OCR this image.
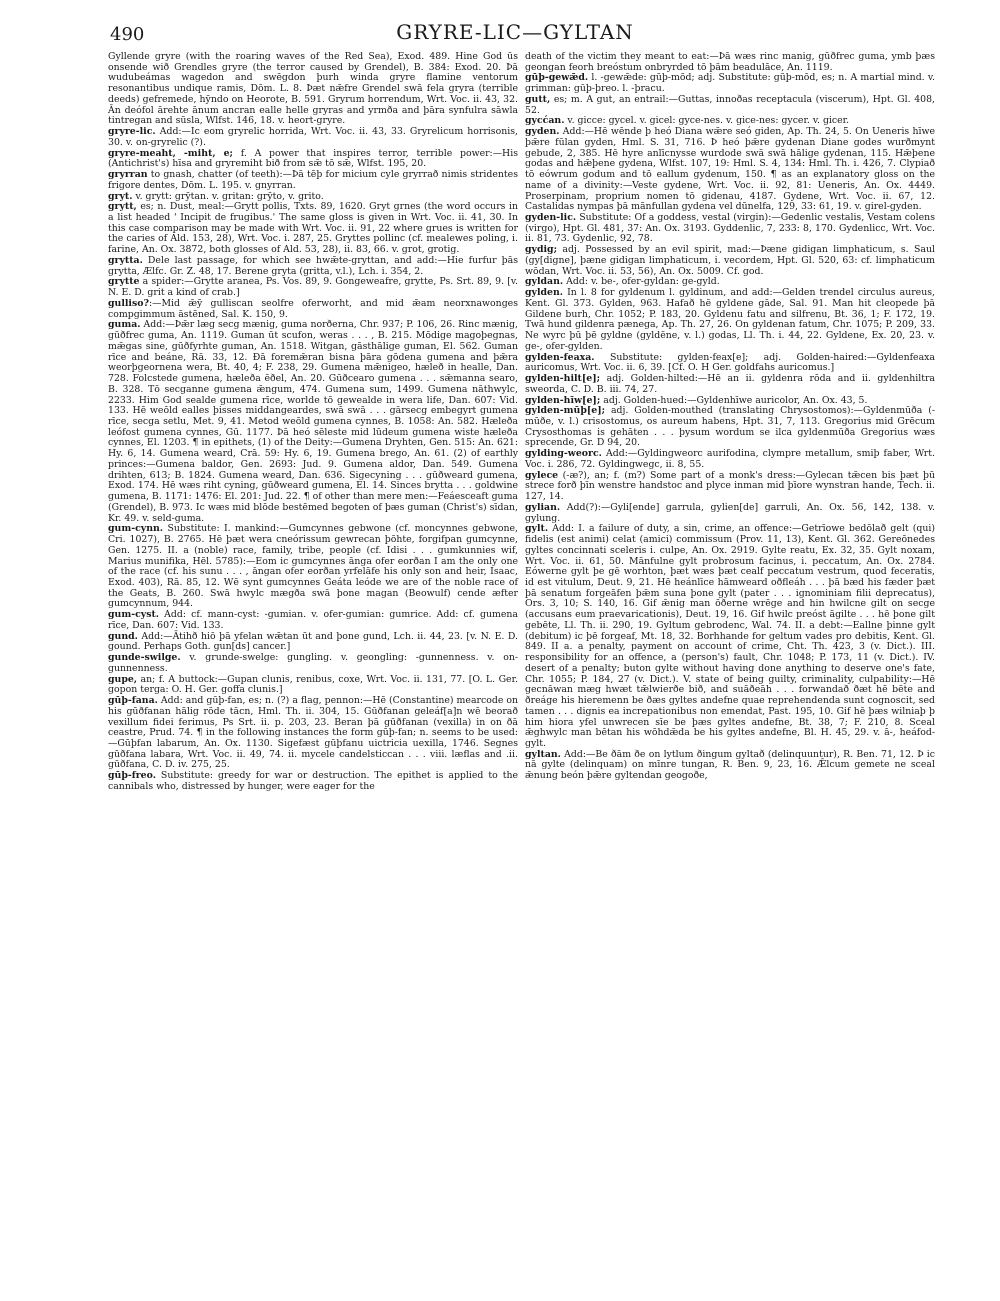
490	GRYRE-LIC—GYLTAN

Gyllende gryre (with the roaring waves of the Red Sea), Exod. 489. Hine God ūs onsende wið Grendles gryre (the terror caused by Grendel), B. 384: Exod. 20. Þā wudubeámas wagedon and swēgdon þurh winda gryre flamine ventorum resonantibus undique ramis, Dōm. L. 8. Þæt nǣfre Grendel swā fela gryra (terrible deeds) gefremede, hȳndo on Heorote, B. 591. Gryrum horrendum, Wrt. Voc. ii. 43, 32. Ān deófol ārehte ānum ancran ealle helle gryras and yrmða and þāra synfulra sāwla tintregan and sūsla, Wlfst. 146, 18. v. heort-gryre.

gryre-lic. Add:—Ic eom gryrelic horrida, Wrt. Voc. ii. 43, 33. Gryrelicum horrisonis, 30. v. on-gryrelic (?).

gryre-meaht, -miht, e; f. A power that inspires terror, terrible power:—His (Antichrist's) hīsa and gryremiht bið from sǣ tō sǣ, Wlfst. 195, 20.

gryrran to gnash, chatter (of teeth):—Þā tēþ for micium cyle gryrrað nimis stridentes frigore dentes, Dōm. L. 195. v. gnyrran.

gryt. v. grytt: grȳtan. v. gritan: grȳto, v. grito.

grytt, es; n. Dust, meal:—Grytt pollis, Txts. 89, 1620. Gryt grnes (the word occurs in a list headed ' Incipit de frugibus.' The same gloss is given in Wrt. Voc. ii. 41, 30. In this case comparison may be made with Wrt. Voc. ii. 91, 22 where grues is written for the caries of Ald. 153, 28), Wrt. Voc. i. 287, 25. Gryttes pollinc (cf. mealewes poling, i. farine, An. Ox. 3872, both glosses of Ald. 53, 28), ii. 83, 66. v. grot, grotig.

grytta. Dele last passage, for which see hwǣte-gryttan, and add:—Hie furfur þās grytta, Ælfc. Gr. Z. 48, 17. Berene gryta (gritta, v.l.), Lch. i. 354, 2.

grytte a spider:—Grytte aranea, Ps. Vos. 89, 9. Gongeweafre, grytte, Ps. Srt. 89, 9. [v. N. E. D. grit a kind of crab.]

gulliso?:—Mid ǣȳ gulliscan seolfre oferworht, and mid ǣam neorxnawonges compgimmum āstēned, Sal. K. 150, 9.

guma. Add:—Þǣr læg secg mænig, guma norðerna, Chr. 937; P. 106, 26. Rinc mænig, gūðfrec guma, An. 1119. Guman ūt scufon, weras . . . , B. 215. Mōdige magoþegnas, mǣgas sine, gūðfyrhte guman, An. 1518. Witgan, gāsthālige guman, El. 562. Guman rīce and beáne, Rā. 33, 12. Ðā foremǣran bisna þāra gōdena gumena and þǣra weorþgeornena wera, Bt. 40, 4; F. 238, 29. Gumena mǣnigeo, hæleð in healle, Dan. 728. Folcstede gumena, hæleða ēðel, An. 20. Gūðcearo gumena . . . sǣmanna searo, B. 328. Tō secganne gumena ǣngum, 474. Gumena sum, 1499. Gumena nāthwylc, 2233. Him God sealde gumena rīce, worlde tō gewealde in wera life, Dan. 607: Vid. 133. Hē weōld ealles þisses middangeardes, swā swā . . . gārsecg embegyrt gumena rīce, secga setlu, Met. 9, 41. Metod weōld gumena cynnes, B. 1058: An. 582. Hæleða leófost gumena cynnes, Gū. 1177. Þā heó sēleste mid lūdeum gumena wiste hæleða cynnes, El. 1203. ¶ in epithets, (1) of the Deity:—Gumena Dryhten, Gen. 515: An. 621: Hy. 6, 14. Gumena weard, Crā. 59: Hy. 6, 19. Gumena brego, An. 61. (2) of earthly princes:—Gumena baldor, Gen. 2693: Jud. 9. Gumena aldor, Dan. 549. Gumena drihten, 613; B. 1824. Gumena weard, Dan. 636. Sigecyning . . . gūðweard gumena, Exod. 174. Hē wæs riht cyning, gūðweard gumena, El. 14. Sinces brytta . . . goldwine gumena, B. 1171: 1476: El. 201: Jud. 22. ¶ of other than mere men:—Feáesceaft guma (Grendel), B. 973. Ic wæs mid blōde bestēmed begoten of þæs guman (Christ's) sīdan, Kr. 49. v. seld-guma.

gum-cynn. Substitute: I. mankind:—Gumcynnes gebwone (cf. moncynnes gebwone, Cri. 1027), B. 2765. Hē þæt wera cneórissum gewrecan þōhte, forgifpan gumcynne, Gen. 1275. II. a (noble) race, family, tribe, people (cf. Idisi . . . gumkunnies wif, Marius munifika, Hēl. 5785):—Eom ic gumcynnes ānga ofer eorðan I am the only one of the race (cf. his sunu . . . , āngan ofer eorðan yrfelāfe his only son and heir, Isaac, Exod. 403), Rā. 85, 12. Wē synt gumcynnes Geáta leóde we are of the noble race of the Geats, B. 260. Swā hwylc mægða swā þone magan (Beowulf) cende æfter gumcynnum, 944.

gum-cyst. Add: cf. mann-cyst: -gumian. v. ofer-gumian: gumrice. Add: cf. gumena rīce, Dan. 607: Vid. 133.

gund. Add:—Ātihð hiō þā yfelan wǣtan ūt and þone gund, Lch. ii. 44, 23. [v. N. E. D. gound. Perhaps Goth. gun[ds] cancer.]

gunde-swilge. v. grunde-swelge: gungling. v. geongling: -gunnenness. v. on-gunnenness.

gupe, an; f. A buttock:—Gupan clunis, renibus, coxe, Wrt. Voc. ii. 131, 77. [O. L. Ger. gopon terga: O. H. Ger. goffa clunis.]

gūþ-fana. Add: and gūþ-fan, es; n. (?) a flag, pennon:—Hē (Constantine) mearcode on his gūðfanan hālig rōde tācn, Hml. Th. ii. 304, 15. Gūðfanan geleáf[a]n wē beorað vexillum fidei ferimus, Ps Srt. ii. p. 203, 23. Beran þā gūðfanan (vexilla) in on ðā ceastre, Prud. 74. ¶ in the following instances the form gūþ-fan; n. seems to be used:—Gūþfan labarum, An. Ox. 1130. Sigefæst gūþfanu uictricia uexilla, 1746. Segnes gūðfana labara, Wrt. Voc. ii. 49, 74. ii. mycele candelsticcan . . . viii. læflas and .ii. gūðfana, C. D. iv. 275, 25.

gūþ-freo. Substitute: greedy for war or destruction. The epithet is applied to the cannibals who, distressed by hunger, were eager for the

death of the victim they meant to eat:—Þā wæs rinc manig, gūðfrec guma, ymb þæs geongan feorh breóstum onbryrded tō þām beadulāce, An. 1119.

gūþ-gewǣd. l. -gewǣde: gūþ-mōd; adj. Substitute: gūþ-mōd, es; n. A martial mind. v. grimman: gūþ-þreo. l. -þracu.

gutt, es; m. A gut, an entrail:—Guttas, innoðas receptacula (viscerum), Hpt. Gl. 408, 52.

gycćan. v. gicce: gycel. v. gicel: gyce-nes. v. gice-nes: gycer. v. gicer.

gyden. Add:—Hē wēnde þ heó Diana wǣre seó giden, Ap. Th. 24, 5. On Ueneris hīwe þǣre fūlan gyden, Hml. S. 31, 716. Þ heó þǣre gydenan Diane godes wurðmynt gebude, 2, 385. Hē hyre anlīcnysse wurdode swā swā hālige gydenan, 115. Hǣþene godas and hǣþene gydena, Wlfst. 107, 19: Hml. S. 4, 134: Hml. Th. i. 426, 7. Clypiað tō eówrum godum and tō eallum gydenum, 150. ¶ as an explanatory gloss on the name of a divinity:—Veste gydene, Wrt. Voc. ii. 92, 81: Ueneris, An. Ox. 4449. Proserpinam, proprium nomen tō gidenau, 4187. Gydene, Wrt. Voc. ii. 67, 12. Castalidas nympas þā mānfullan gydena vel dūnelfa, 129, 33: 61, 19. v. girel-gyden.

gyden-lic. Substitute: Of a goddess, vestal (virgin):—Gedenlic vestalis, Vestam colens (virgo), Hpt. Gl. 481, 37: An. Ox. 3193. Gyddenlic, 7, 233: 8, 170. Gydenlicc, Wrt. Voc. ii. 81, 73. Gydenlic, 92, 78.

gydig; adj. Possessed by an evil spirit, mad:—Þæne gidigan limphaticum, s. Saul (gy[digne], þæne gidigan limphaticum, i. vecordem, Hpt. Gl. 520, 63: cf. limphaticum wōdan, Wrt. Voc. ii. 53, 56), An. Ox. 5009. Cf. god.

gyldan. Add: v. be-, ofer-gyldan: ge-gyld.

gylden. In l. 8 for gyldenum l. gyldinum, and add:—Gelden trendel circulus aureus, Kent. Gl. 373. Gylden, 963. Hafað hē gyldene gāde, Sal. 91. Man hit cleopede þā Gildene burh, Chr. 1052; P. 183, 20. Gyldenu fatu and silfrenu, Bt. 36, 1; F. 172, 19. Twā hund gildenra pænega, Ap. Th. 27, 26. On gyldenan fatum, Chr. 1075; P. 209, 33. Ne wyrc þū þē gyldne (gyldēne, v. l.) godas, Ll. Th. i. 44, 22. Gyldene, Ex. 20, 23. v. ge-, ofer-gylden.

gylden-feaxa. Substitute: gylden-feax[e]; adj. Golden-haired:—Gyldenfeaxa auricomus, Wrt. Voc. ii. 6, 39. [Cf. O. H Ger. goldfahs auricomus.]

gylden-hilt[e]; adj. Golden-hilted:—Hē an ii. gyldenra rōda and ii. gyldenhiltra sweorda, C. D. B. iii. 74, 27.

gylden-hīw[e]; adj. Golden-hued:—Gyldenhīwe auricolor, An. Ox. 43, 5.

gylden-mūþ[e]; adj. Golden-mouthed (translating Chrysostomos):—Gyldenmūða (-mūðe, v. l.) crisostomus, os aureum habens, Hpt. 31, 7, 113. Gregorius mid Grēcum Crysosthomas is gehāten . . . þysum wordum se ilca gyldenmūða Gregorius wæs sprecende, Gr. D 94, 20.

gylding-weorc. Add:—Gyldingweorc aurifodina, clympre metallum, smiþ faber, Wrt. Voc. i. 286, 72. Gyldingwegc, ii. 8, 55.

gylece (-æ?), an; f. (m?) Some part of a monk's dress:—Gylecan tǣcen bis þæt þū strece forð þīn wenstre handstoc and plyce inman mid þīore wynstran hande, Tech. ii. 127, 14.

gylian. Add(?):—Gyli[ende] garrula, gylien[de] garruli, An. Ox. 56, 142, 138. v. gylung.

gylt. Add: I. a failure of duty, a sin, crime, an offence:—Getrīowe bedōlað gelt (qui) fidelis (est animi) celat (amici) commissum (Prov. 11, 13), Kent. Gl. 362. Gereōnedes gyltes concinnati sceleris i. culpe, An. Ox. 2919. Gylte reatu, Ex. 32, 35. Gylt noxam, Wrt. Voc. ii. 61, 50. Mānfulne gylt probrosum facinus, i. peccatum, An. Ox. 2784. Eówerne gylt þe gē worhton, þæt wæs þæt cealf peccatum vestrum, quod feceratis, id est vitulum, Deut. 9, 21. Hē heánlīce hāmweard oðfleáh . . . þā bæd his fæder þæt þā senatum forgeāfen þǣm suna þone gylt (pater . . . ignominiam filii deprecatus), Ors. 3, 10; S. 140, 16. Gif ǣnig man ōðerne wrēge and hin hwilcne gilt on secge (accusans eum praevaricationis), Deut. 19, 16. Gif hwilc preóst āgilte . . . hē þone gilt gebēte, Ll. Th. ii. 290, 19. Gyltum gebrodenc, Wal. 74. II. a debt:—Eallne þinne gylt (debitum) ic þē forgeaf, Mt. 18, 32. Borhhande for geltum vades pro debitis, Kent. Gl. 849. II a. a penalty, payment on account of crime, Cht. Th. 423, 3 (v. Dict.). III. responsibility for an offence, a (person's) fault, Chr. 1048; P. 173, 11 (v. Dict.). IV. desert of a penalty; buton gylte without having done anything to deserve one's fate, Chr. 1055; P. 184, 27 (v. Dict.). V. state of being guilty, criminality, culpability:—Hē gecnāwan mæg hwæt tǣlwierðe bið, and suāðeāh . . . forwandað ðæt hē bēte and ðreáge his hieremenn be ðæs gyltes andefne quae reprehendenda sunt cognoscit, sed tamen . . . dignis ea increpationibus non emendat, Past. 195, 10. Gif hē þæs wilniaþ þ him hiora yfel unwrecen sīe be þæs gyltes andefne, Bt. 38, 7; F. 210, 8. Sceal ǣghwylc man bētan his wōhdǣda be his gyltes andefne, Bl. H. 45, 29. v. ā-, heáfod-gylt.

gyltan. Add:—Be ðām ðe on lytlum ðingum gyltað (delinquuntur), R. Ben. 71, 12. Þ ic nā gylte (delinquam) on mīnre tungan, R. Ben. 9, 23, 16. Ǣlcum gemete ne sceal ǣnung beón þǣre gyltendan geogoðe,
